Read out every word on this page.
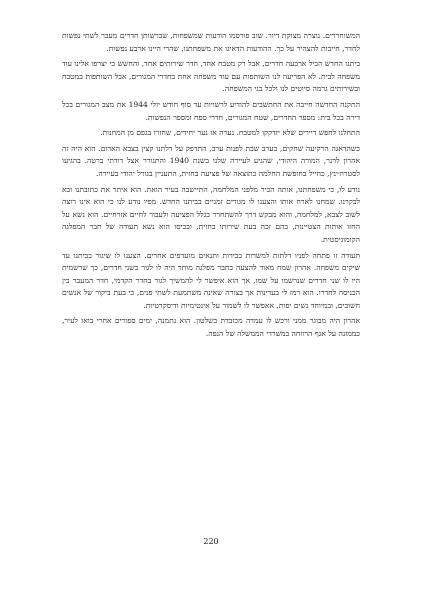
המשוחררים. נוצרה מצוקת דיור. שוב פורסמו הודעות שמשפחות, שברשותן חדרים מעבר לשתי נפשות לחדר, חייבות להצהיר על כך. ההודעות הדאיגו את משפחתנו, שהרי היינו ארבע נפשות.

ביתנו החדש הכיל ארבעה חדרים, אבל רק מטבח אחד, חדר שירותים אחד, והחשש כי יצרפו אלינו עוד משפחה לבית. לא הפריעה לנו השותפות עם עוד משפחה אחת בחדרי המגורים, אבל השותפות במטבח ובשירותים גרמה סיוטים לנו ולכל בני המשפחה.

התקנה החדשה חייבה את החתשבים להודיע לרשויות עד סוף חודש יולי 1944 את מצב המגורים בכל דירה בכל בית: מספר החדרים, שטח המגורים, חדרי ספח ומספר הנפשות.

התחלנו לחפש דיירים שלא יזדקקו למטבח. נערה או נער יחידים, שחזרו בגפם מן המחנות.

כשהדאגה הרקיעה שחקים, בערב שבת לפנות ערב, התדפק על דלתנו קצין בצבא האדום. הוא היה זה אהרון לרנר, המורה היהודי, שהגיע לעיירה שלנו בשנת 1940 והתגורר אצל דודתי ברטה. בהגיעו לסטרוז׳ינץ, כחייל בחופשת החלמה כתוצאה של פציעה בחזית, התעניין בגורל יהודי בעיירה.

נודע לו, כי משפחתנו, אותה הכיר מלפני המלחמה, התיישבה בעיר הואת. הוא איתר את כתובתנו ובא לבקרנו. שמחנו לארח אותו והצענו לו מגורים זמניים בביתנו החדש. מפיו נודע לנו כי הוא אינו רוצה לשוב לצבא, למלחמה, והוא מבקש דרך להשתחרר בגלל הפציעה ולעבור לחיים אזרחיים. הוא נשא על החזו אותות הצטיינות, בהם זכה בעת שירותו בחזית, ובכיסו הוא נשא תעודה של חבר המפלגה הקומוניסטית.

תעודה זו פתחה לפניו דלתות למשרות בכירות ותנאים מועדפים אחרים. הצענו לו שיגור בביתנו עד שיקים משפחה. אהרון שמח מאוד להצעה כחבר מפלגה מותר היה לו לגור בשני חדרים, כך שרשמית היו לו שני חדרים שנרשמו על שמו, אך הוא איפשר לי להמשיך לגור בחדר הקדמי, חדר המעבר בין הכניסה לחדרו. הוא רמז לי בעדינות אך בצורה שאינה משתמעת לשתי פנים, כי בעת ביקור של אנשים חשובים, ובמיוחד נשים יפות, אאפשר לו לשמור על אינטימיות ודיסקרטיות.

אהרון היה מבוגר ממני ורכש לו עמדה מכובדת בשלטון. הוא נתמנה, ימים ספורים אחרי בואו לעיר, כממונה על אגף הרווחה במשרדי הממשלה של הנפה.

220
